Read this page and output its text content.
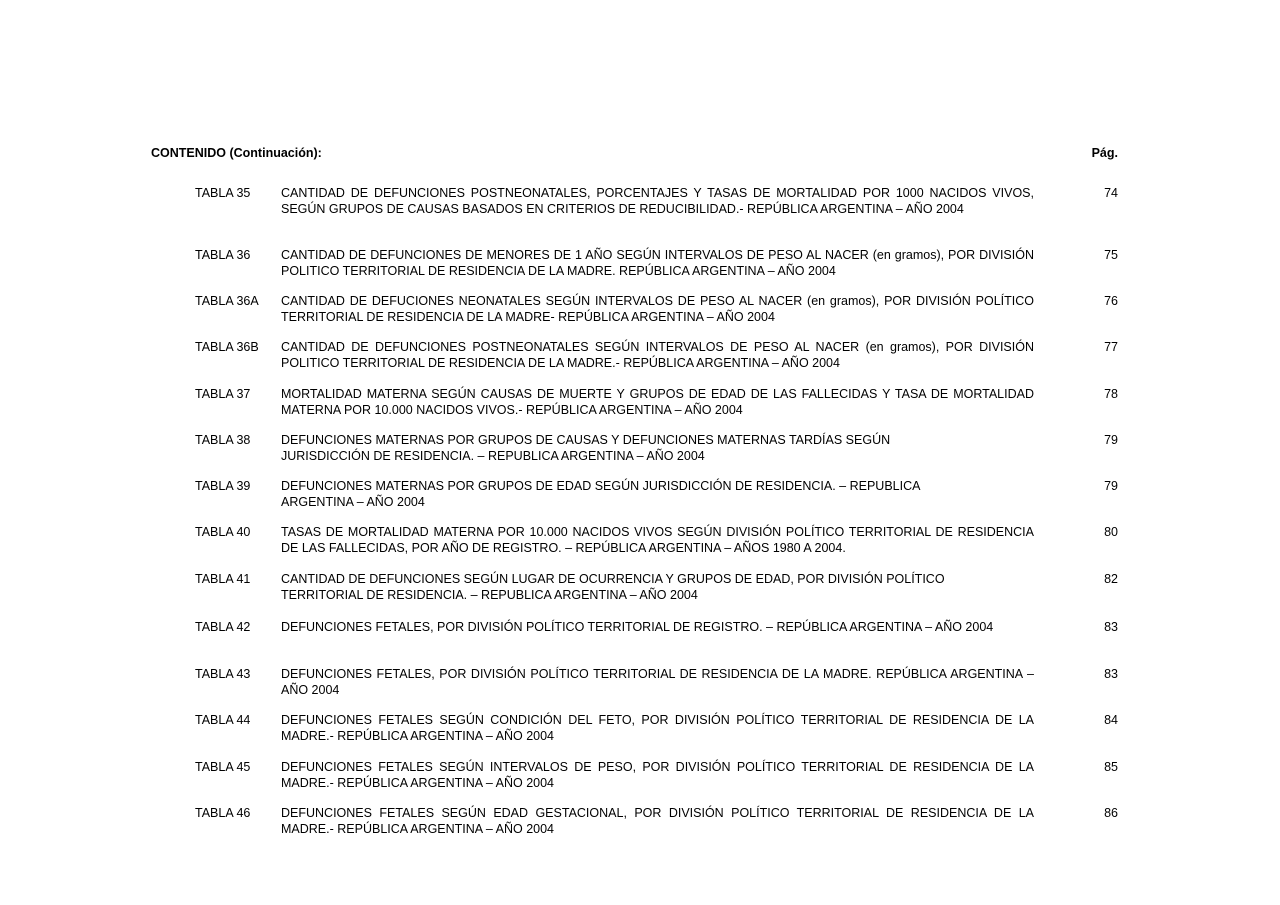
CONTENIDO (Continuación):	Pág.
TABLA 35 CANTIDAD DE DEFUNCIONES POSTNEONATALES, PORCENTAJES Y TASAS DE MORTALIDAD POR 1000 NACIDOS VIVOS, SEGÚN GRUPOS DE CAUSAS BASADOS EN CRITERIOS DE REDUCIBILIDAD.- REPÚBLICA ARGENTINA – AÑO 2004
74
TABLA 36 CANTIDAD DE DEFUNCIONES DE MENORES DE 1 AÑO SEGÚN INTERVALOS DE PESO AL NACER (en gramos), POR DIVISIÓN POLITICO TERRITORIAL DE RESIDENCIA DE LA MADRE. REPÚBLICA ARGENTINA – AÑO 2004
75
TABLA 36A CANTIDAD DE DEFUCIONES NEONATALES SEGÚN INTERVALOS DE PESO AL NACER (en gramos), POR DIVISIÓN POLÍTICO TERRITORIAL DE RESIDENCIA DE LA MADRE- REPÚBLICA ARGENTINA – AÑO 2004
76
TABLA 36B CANTIDAD DE DEFUNCIONES POSTNEONATALES SEGÚN INTERVALOS DE PESO AL NACER (en gramos), POR DIVISIÓN POLITICO TERRITORIAL DE RESIDENCIA DE LA MADRE.- REPÚBLICA ARGENTINA – AÑO 2004
77
TABLA 37 MORTALIDAD MATERNA SEGÚN CAUSAS DE MUERTE Y GRUPOS DE EDAD DE LAS FALLECIDAS Y TASA DE MORTALIDAD MATERNA POR 10.000 NACIDOS VIVOS.- REPÚBLICA ARGENTINA – AÑO 2004
78
TABLA 38 DEFUNCIONES MATERNAS POR GRUPOS DE CAUSAS Y DEFUNCIONES MATERNAS TARDÍAS SEGÚN JURISDICCIÓN DE RESIDENCIA. – REPUBLICA ARGENTINA – AÑO 2004
79
TABLA 39 DEFUNCIONES MATERNAS POR GRUPOS DE EDAD SEGÚN JURISDICCIÓN DE RESIDENCIA. – REPUBLICA ARGENTINA – AÑO 2004
79
TABLA 40 TASAS DE MORTALIDAD MATERNA POR 10.000 NACIDOS VIVOS SEGÚN DIVISIÓN POLÍTICO TERRITORIAL DE RESIDENCIA DE LAS FALLECIDAS, POR AÑO DE REGISTRO. – REPÚBLICA ARGENTINA – AÑOS 1980 A 2004.
80
TABLA 41 CANTIDAD DE DEFUNCIONES SEGÚN LUGAR DE OCURRENCIA Y GRUPOS DE EDAD, POR DIVISIÓN POLÍTICO TERRITORIAL DE RESIDENCIA. – REPUBLICA ARGENTINA – AÑO 2004
82
TABLA 42 DEFUNCIONES FETALES, POR DIVISIÓN POLÍTICO TERRITORIAL DE REGISTRO. – REPÚBLICA ARGENTINA – AÑO 2004	83
TABLA 43 DEFUNCIONES FETALES, POR DIVISIÓN POLÍTICO TERRITORIAL DE RESIDENCIA DE LA MADRE. REPÚBLICA ARGENTINA – AÑO 2004
83
TABLA 44 DEFUNCIONES FETALES SEGÚN CONDICIÓN DEL FETO, POR DIVISIÓN POLÍTICO TERRITORIAL DE RESIDENCIA DE LA MADRE.- REPÚBLICA ARGENTINA – AÑO 2004
84
TABLA 45 DEFUNCIONES FETALES SEGÚN INTERVALOS DE PESO, POR DIVISIÓN POLÍTICO TERRITORIAL DE RESIDENCIA DE LA MADRE.- REPÚBLICA ARGENTINA – AÑO 2004
85
TABLA 46 DEFUNCIONES FETALES SEGÚN EDAD GESTACIONAL, POR DIVISIÓN POLÍTICO TERRITORIAL DE RESIDENCIA DE LA MADRE.- REPÚBLICA ARGENTINA – AÑO 2004
86
